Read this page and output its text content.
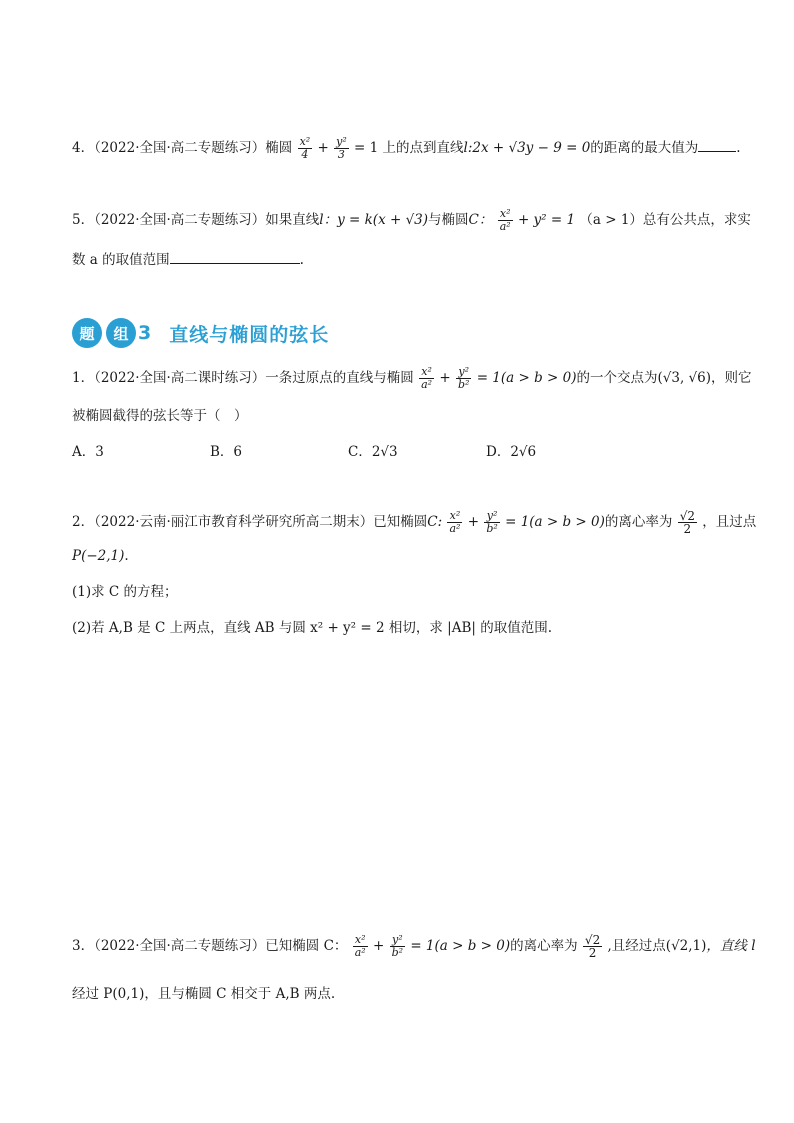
4．（2022·全国·高二专题练习）椭圆 $\frac{\text{x²}}{4} + \frac{\text{y²}}{3} = 1$ 上的点到直线l:2x + √3y − 9 = 0的距离的最大值为	.
5．（2022·全国·高二专题练习）如果直线l：y = k(x + √3)与椭圆C： $\frac{\text{x²}}{\text{a²}} + y^2 = 1$ （a > 1）总有公共点，求实
数 a 的取值范围	.
题	组 3 直线与椭圆的弦长
1．（2022·全国·高二课时练习）一条过原点的直线与椭圆 $\frac{\text{x²}}{\text{a²}} + \frac{\text{y²}}{\text{b²}} = 1(a > b > 0)$的一个交点为(√3, √6)，则它
被椭圆截得的弦长等于（　）
A．3	B．6	C．2√3	D．2√6
2．（2022·云南·丽江市教育科学研究所高二期末）已知椭圆C: $\frac{\text{x²}}{\text{a²}} + \frac{\text{y²}}{\text{b²}} = 1(a > b > 0)$的离心率为 $\frac{√2}{2}$ ，且过点
P(−2,1).
(1)求 C 的方程；
(2)若 A,B 是 C 上两点，直线 AB 与圆 x² + y² = 2 相切，求 |AB| 的取值范围.
3．（2022·全国·高二专题练习）已知椭圆 C： $\frac{\text{x²}}{\text{a²}} + \frac{\text{y²}}{\text{b²}} = 1(a > b > 0)$的离心率为 $\frac{√2}{2}$ ,且经过点(√2,1)，直线 l
经过 P(0,1)，且与椭圆 C 相交于 A,B 两点.
